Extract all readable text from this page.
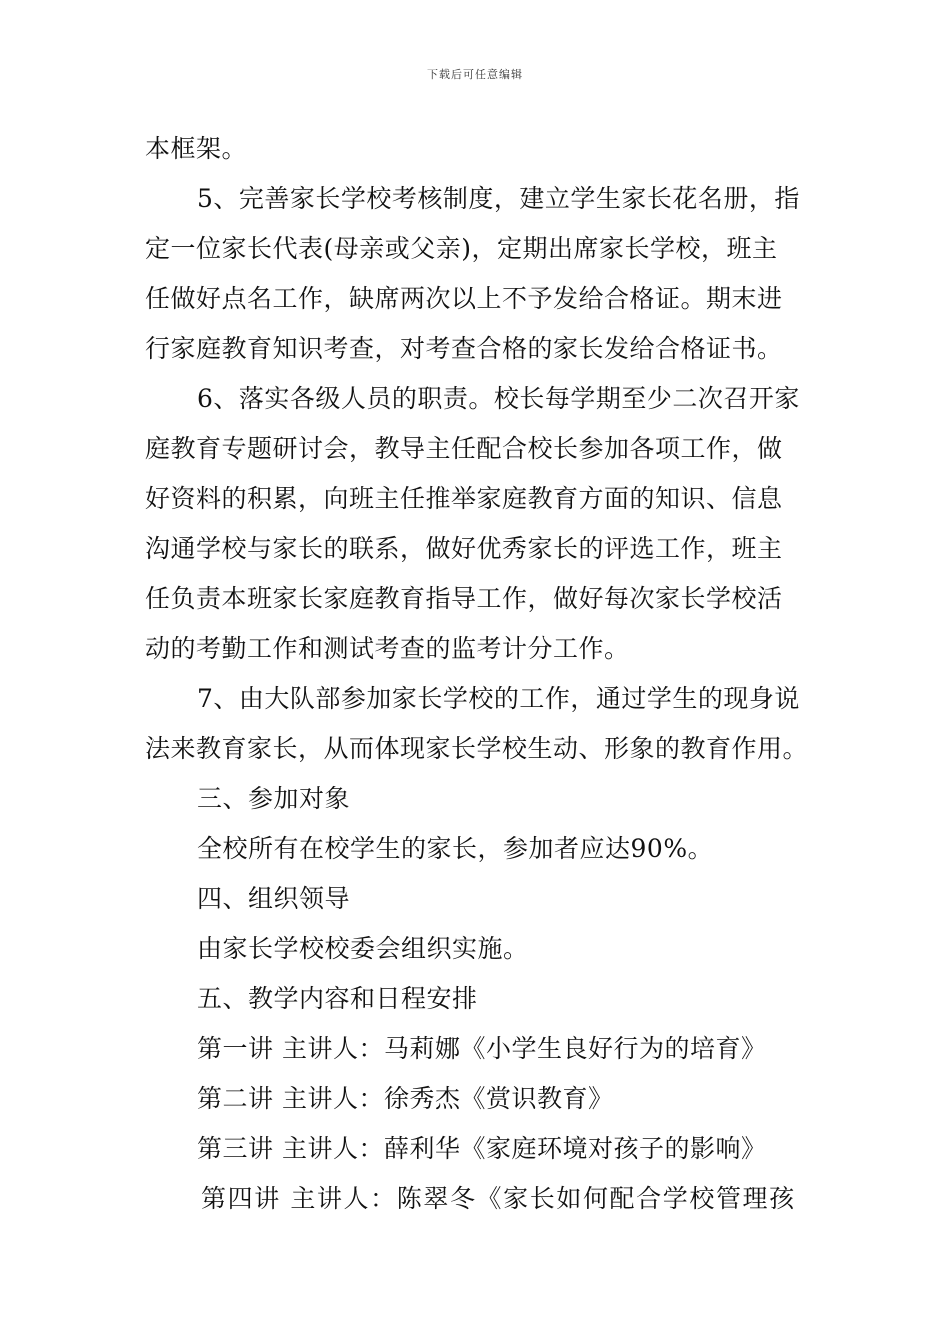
下载后可任意编辑
本框架。
5、完善家长学校考核制度，建立学生家长花名册，指
定一位家长代表(母亲或父亲)，定期出席家长学校，班主
任做好点名工作，缺席两次以上不予发给合格证。期末进
行家庭教育知识考查，对考查合格的家长发给合格证书。
6、落实各级人员的职责。校长每学期至少二次召开家
庭教育专题研讨会，教导主任配合校长参加各项工作，做
好资料的积累，向班主任推举家庭教育方面的知识、信息
沟通学校与家长的联系，做好优秀家长的评选工作，班主
任负责本班家长家庭教育指导工作，做好每次家长学校活
动的考勤工作和测试考查的监考计分工作。
7、由大队部参加家长学校的工作，通过学生的现身说
法来教育家长，从而体现家长学校生动、形象的教育作用。
三、参加对象
全校所有在校学生的家长，参加者应达90%。
四、组织领导
由家长学校校委会组织实施。
五、教学内容和日程安排
第一讲 主讲人：马莉娜《小学生良好行为的培育》
第二讲 主讲人：徐秀杰《赏识教育》
第三讲 主讲人：薛利华《家庭环境对孩子的影响》
第四讲 主讲人：陈翠冬《家长如何配合学校管理孩
